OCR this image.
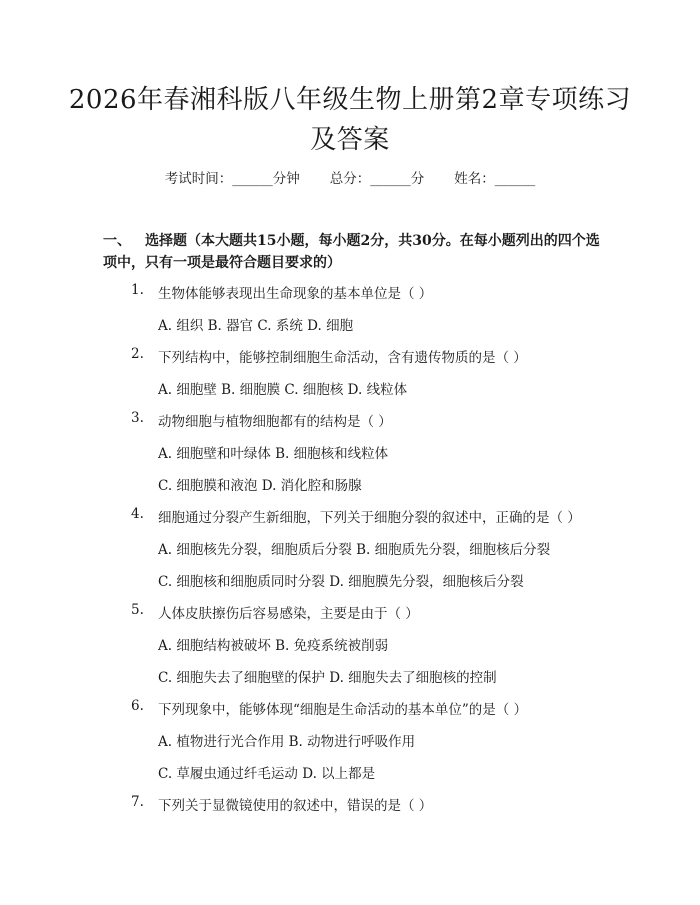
2026年春湘科版八年级生物上册第2章专项练习及答案
考试时间：______分钟 总分：______分 姓名：______
一、	选择题（本大题共15小题，每小题2分，共30分。在每小题列出的四个选项中，只有一项是最符合题目要求的）
1. 生物体能够表现出生命现象的基本单位是（ ）
A. 组织 B. 器官 C. 系统 D. 细胞
2. 下列结构中，能够控制细胞生命活动，含有遗传物质的是（ ）
A. 细胞壁 B. 细胞膜 C. 细胞核 D. 线粒体
3. 动物细胞与植物细胞都有的结构是（ ）
A. 细胞壁和叶绿体 B. 细胞核和线粒体
C. 细胞膜和液泡 D. 消化腔和肠腺
4. 细胞通过分裂产生新细胞，下列关于细胞分裂的叙述中，正确的是（ ）
A. 细胞核先分裂，细胞质后分裂 B. 细胞质先分裂，细胞核后分裂
C. 细胞核和细胞质同时分裂 D. 细胞膜先分裂，细胞核后分裂
5. 人体皮肤擦伤后容易感染，主要是由于（ ）
A. 细胞结构被破坏 B. 免疫系统被削弱
C. 细胞失去了细胞壁的保护 D. 细胞失去了细胞核的控制
6. 下列现象中，能够体现“细胞是生命活动的基本单位”的是（ ）
A. 植物进行光合作用 B. 动物进行呼吸作用
C. 草履虫通过纤毛运动 D. 以上都是
7. 下列关于显微镜使用的叙述中，错误的是（ ）
